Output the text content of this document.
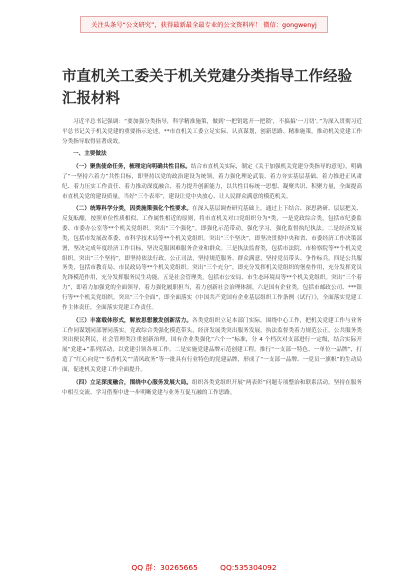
关注头条号“公文研究”，获得最新最全最专业的公文资料库！ 微信：gongwenyj
市直机关工委关于机关党建分类指导工作经验汇报材料

习近平总书记强调：“要加强分类指导，科学精准施策，做到‘一把钥匙开一把锁’，不搞搞‘一刀切’。”为深入贯彻习近平总书记关于机关党建的重要指示论述，**市直机关工委立足实际、认真谋划，创新思路、精准施策，推动机关党建工作分类指导取得显著成效。

一、主要做法

（一）聚焦使命任务，梳理定向明确共性目标。结合市直机关实际，制定《关于加强机关党建分类指导的意见》，明确了“一坚持六着力”共性目标，即坚持以党的政治建设为统领，着力强化理论武装、着力夯实基层基础、着力推进正风肃纪、着力压实工作责任、着力推动深度融合、着力提升创新能力，以共性目标统一思想、凝聚共识、积聚力量，全面提高市直机关党的建设质量，当好“三个表率”，建设让党中央放心、让人民群众满意的模范机关。

（二）统筹科学分类，因类施策强化个性要求。在深入基层调查研究基础上，通过上下结合、深思熟研、层层把关、反复酝酿，按照单位性质相似、工作属性相近的原则，将市直机关对口党组织分为*类，一是党政综合类，包括市纪委监委、市委办公室等**个机关党组织。突出“三个强化”，即强化示范带动，强化学习，强化监督执纪执法。二是经济发展类，包括市发展改革委、市科学技术局等**个机关党组织。突出“三个坚决”，即坚决贯彻中央和省、市委经济工作决策部署，坚决完成年度经济工作目标，坚决克服困难服务企业和群众。三是执法监督类，包括市法院、市检察院等**个机关党组织。突出“三个坚持”，即坚持依法行政、公正司法，坚持规范服务、群众满意，坚持党员带头、争作标兵。四是公共服务类，包括市教育局、市民政局等**个机关党组织。突出“三个充分”，即充分发挥机关党组织的堡垒作用，充分发挥党员先锋模范作用，充分发挥服务民生功能。五是社会管理类，包括市公安局、市生态环境局等**个机关党组织。突出“三个着力”，即着力加强党的全面领导，着力强化履职担当，着力创新社会治理体制。六是国有企业类，包括市邮政公司、***银行等**个机关党组织。突出“三个全面”，即全面落实《中国共产党国有企业基层组织工作条例（试行）》，全面落实党建工作主体责任，全面落实党建工作责任。

（三）丰富载体形式，解放思想激发创新活力。各类党组织立足本部门实际，围绕中心工作，把机关党建工作与业务工作同谋划同部署同落实。党政综合类强化模范带头，经济发展类突出服务发展，执法监督类着力规范公正，公共服务类突出便民利民，社会管理类注重创新治理，国有企业类强化“六个一”标准，分 4 个档次对支部进行一定级，结合实际开展“党建+”系列活动，以党建引领各项工作。二是实施党建品牌示范创建工程。推行“一支部一特色、一单位一品牌”，打造了“红心向党”“书香机关”“清风政务”等一批具有行业特色的党建品牌，形成了“一支部一品牌、一党员一旗帜”的生动局面，促进机关党建工作全面提升。

（四）立足深度融合，围绕中心服务发展大局。组织各类党组织开展“两表彰”问题专项整治和联系活动，坚持在服务中相互交流、学习借鉴中进一步明晰党建与业务互促互融的工作思路。

QQ 群：30265665	QQ:535304092
